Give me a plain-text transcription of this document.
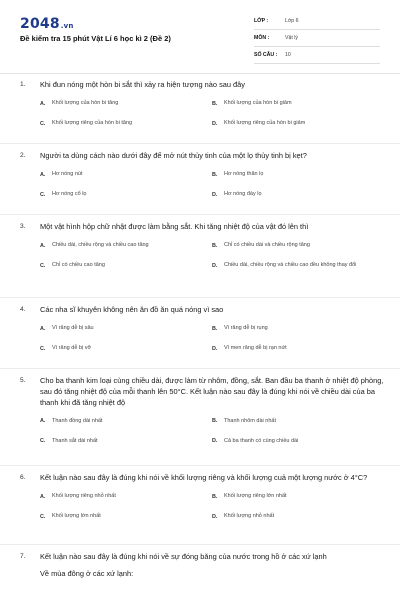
2048.vn
Đề kiểm tra 15 phút Vật Lí 6 học kì 2 (Đề 2)
LỚP :	Lớp 6
MÔN :	Vật lý
SỐ CÂU :	10
1.	Khi đun nóng một hòn bi sắt thì xảy ra hiện tượng nào sau đây
A.	Khối lượng của hòn bi tăng	B.	Khối lượng của hòn bi giảm
C.	Khối lượng riêng của hòn bi tăng	D.	Khối lượng riêng của hòn bi giảm
2.	Người ta dùng cách nào dưới đây để mở nút thủy tinh của một lọ thủy tinh bị kẹt?
A.	Hơ nóng nút	B.	Hơ nóng thân lọ
C.	Hơ nóng cổ lọ	D.	Hơ nóng đáy lọ
3.	Một vật hình hộp chữ nhật được làm bằng sắt. Khi tăng nhiệt độ của vật đó lên thì
A.	Chiều dài, chiều rộng và chiều cao tăng	B.	Chỉ có chiều dài và chiều rộng tăng
C.	Chỉ có chiều cao tăng	D.	Chiều dài, chiều rộng và chiều cao đều không thay đổi
4.	Các nha sĩ khuyên không nên ăn đồ ăn quá nóng vì sao
A.	Vì răng dễ bị sâu	B.	Vì răng dễ bị rụng
C.	Vì răng dễ bị vỡ	D.	Vì men răng dễ bị rạn nứt
5.	Cho ba thanh kim loại cùng chiều dài, được làm từ nhôm, đồng, sắt. Ban đầu ba thanh ở nhiệt độ phòng, sau đó tăng nhiệt độ của mỗi thanh lên 50°C. Kết luận nào sau đây là đúng khi nói về chiều dài của ba thanh khi đã tăng nhiệt độ
A.	Thanh đồng dài nhất	B.	Thanh nhôm dài nhất
C.	Thanh sắt dài nhất	D.	Cả ba thanh có cùng chiều dài
6.	Kết luận nào sau đây là đúng khi nói về khối lượng riêng và khối lượng cuả một lượng nước ở 4°C?
A.	Khối lượng riêng nhỏ nhất	B.	Khối lượng riêng lớn nhất
C.	Khối lượng lớn nhất	D.	Khối lượng nhỏ nhất
7.	Kết luận nào sau đây là đúng khi nói về sự đóng băng của nước trong hồ ở các xứ lạnh
Về mùa đông ở các xứ lạnh:
